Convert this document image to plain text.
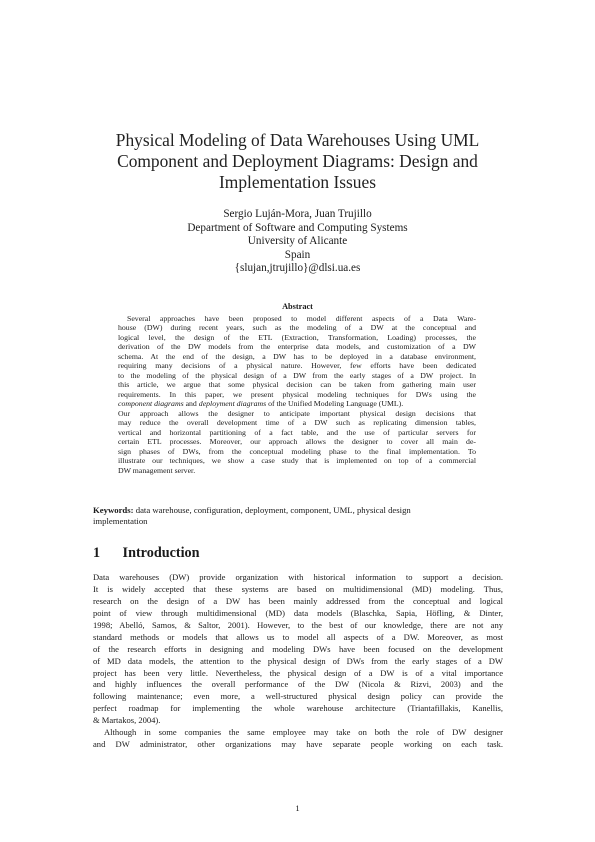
Physical Modeling of Data Warehouses Using UML
Component and Deployment Diagrams: Design and
Implementation Issues
Sergio Luján-Mora, Juan Trujillo
Department of Software and Computing Systems
University of Alicante
Spain
{slujan,jtrujillo}@dlsi.ua.es
Abstract
Several approaches have been proposed to model different aspects of a Data Ware-
house (DW) during recent years, such as the modeling of a DW at the conceptual and
logical level, the design of the ETL (Extraction, Transformation, Loading) processes, the
derivation of the DW models from the enterprise data models, and customization of a DW
schema. At the end of the design, a DW has to be deployed in a database environment,
requiring many decisions of a physical nature. However, few efforts have been dedicated
to the modeling of the physical design of a DW from the early stages of a DW project. In
this article, we argue that some physical decision can be taken from gathering main user
requirements. In this paper, we present physical modeling techniques for DWs using the
component diagrams and deployment diagrams of the Unified Modeling Language (UML).
Our approach allows the designer to anticipate important physical design decisions that
may reduce the overall development time of a DW such as replicating dimension tables,
vertical and horizontal partitioning of a fact table, and the use of particular servers for
certain ETL processes. Moreover, our approach allows the designer to cover all main de-
sign phases of DWs, from the conceptual modeling phase to the final implementation. To
illustrate our techniques, we show a case study that is implemented on top of a commercial
DW management server.
Keywords: data warehouse, configuration, deployment, component, UML, physical design
implementation
1 Introduction
Data warehouses (DW) provide organization with historical information to support a decision.
It is widely accepted that these systems are based on multidimensional (MD) modeling. Thus,
research on the design of a DW has been mainly addressed from the conceptual and logical
point of view through multidimensional (MD) data models (Blaschka, Sapia, Höfling, & Dinter,
1998; Abelló, Samos, & Saltor, 2001). However, to the best of our knowledge, there are not any
standard methods or models that allows us to model all aspects of a DW. Moreover, as most
of the research efforts in designing and modeling DWs have been focused on the development
of MD data models, the attention to the physical design of DWs from the early stages of a DW
project has been very little. Nevertheless, the physical design of a DW is of a vital importance
and highly influences the overall performance of the DW (Nicola & Rizvi, 2003) and the
following maintenance; even more, a well-structured physical design policy can provide the
perfect roadmap for implementing the whole warehouse architecture (Triantafillakis, Kanellis,
& Martakos, 2004).
Although in some companies the same employee may take on both the role of DW designer
and DW administrator, other organizations may have separate people working on each task.
1
